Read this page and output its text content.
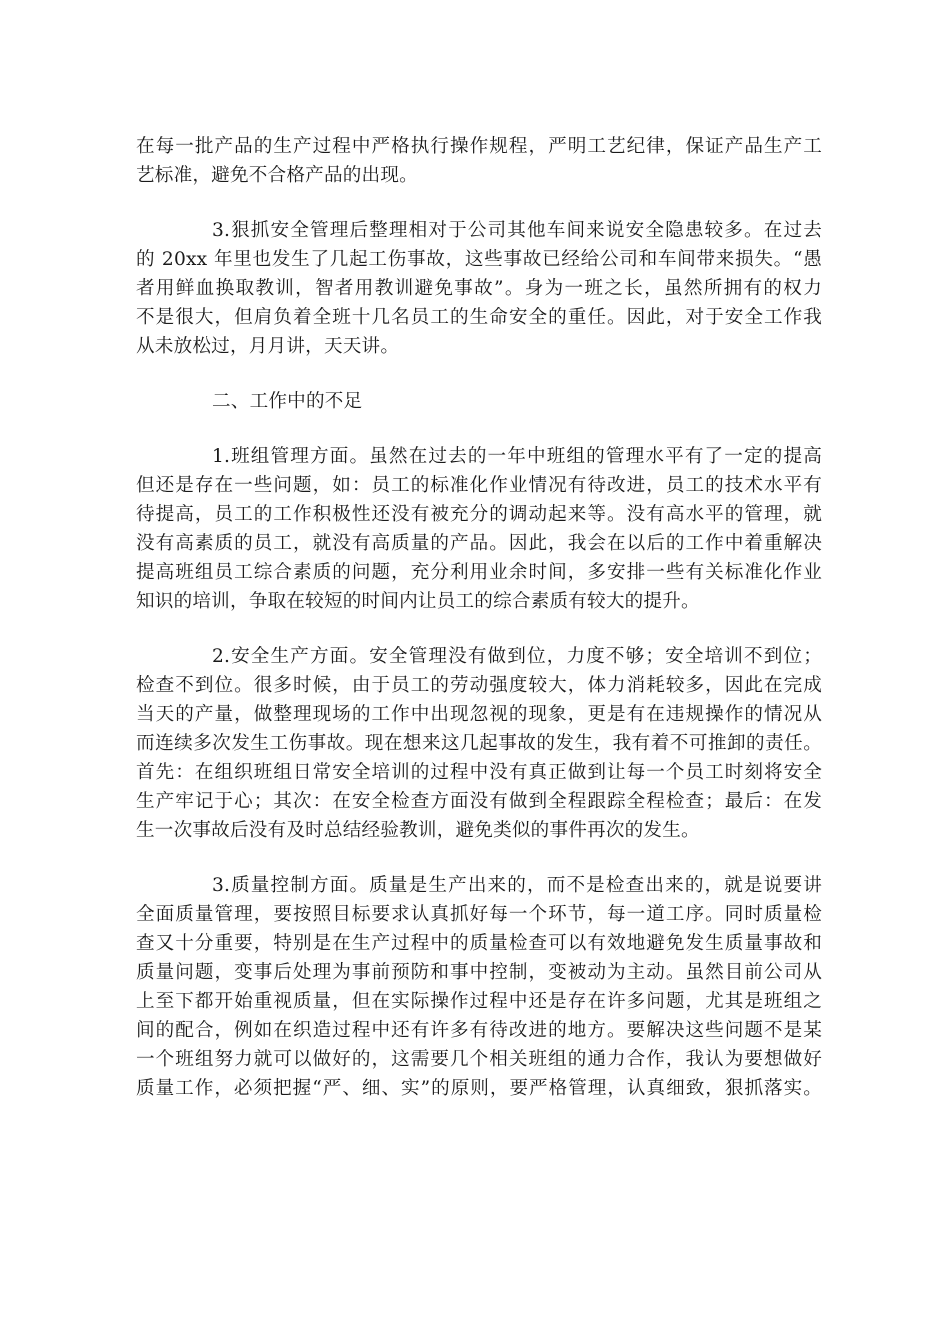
在每一批产品的生产过程中严格执行操作规程，严明工艺纪律，保证产品生产工
艺标准，避免不合格产品的出现。
3.狠抓安全管理后整理相对于公司其他车间来说安全隐患较多。在过去
的 20xx 年里也发生了几起工伤事故，这些事故已经给公司和车间带来损失。“愚
者用鲜血换取教训，智者用教训避免事故”。身为一班之长，虽然所拥有的权力
不是很大，但肩负着全班十几名员工的生命安全的重任。因此，对于安全工作我
从未放松过，月月讲，天天讲。
二、工作中的不足
1.班组管理方面。虽然在过去的一年中班组的管理水平有了一定的提高
但还是存在一些问题，如：员工的标准化作业情况有待改进，员工的技术水平有
待提高，员工的工作积极性还没有被充分的调动起来等。没有高水平的管理，就
没有高素质的员工，就没有高质量的产品。因此，我会在以后的工作中着重解决
提高班组员工综合素质的问题，充分利用业余时间，多安排一些有关标准化作业
知识的培训，争取在较短的时间内让员工的综合素质有较大的提升。
2.安全生产方面。安全管理没有做到位，力度不够；安全培训不到位；
检查不到位。很多时候，由于员工的劳动强度较大，体力消耗较多，因此在完成
当天的产量，做整理现场的工作中出现忽视的现象，更是有在违规操作的情况从
而连续多次发生工伤事故。现在想来这几起事故的发生，我有着不可推卸的责任。
首先：在组织班组日常安全培训的过程中没有真正做到让每一个员工时刻将安全
生产牢记于心；其次：在安全检查方面没有做到全程跟踪全程检查；最后：在发
生一次事故后没有及时总结经验教训，避免类似的事件再次的发生。
3.质量控制方面。质量是生产出来的，而不是检查出来的，就是说要讲
全面质量管理，要按照目标要求认真抓好每一个环节，每一道工序。同时质量检
查又十分重要，特别是在生产过程中的质量检查可以有效地避免发生质量事故和
质量问题，变事后处理为事前预防和事中控制，变被动为主动。虽然目前公司从
上至下都开始重视质量，但在实际操作过程中还是存在许多问题，尤其是班组之
间的配合，例如在织造过程中还有许多有待改进的地方。要解决这些问题不是某
一个班组努力就可以做好的，这需要几个相关班组的通力合作，我认为要想做好
质量工作，必须把握“严、细、实”的原则，要严格管理，认真细致，狠抓落实。
